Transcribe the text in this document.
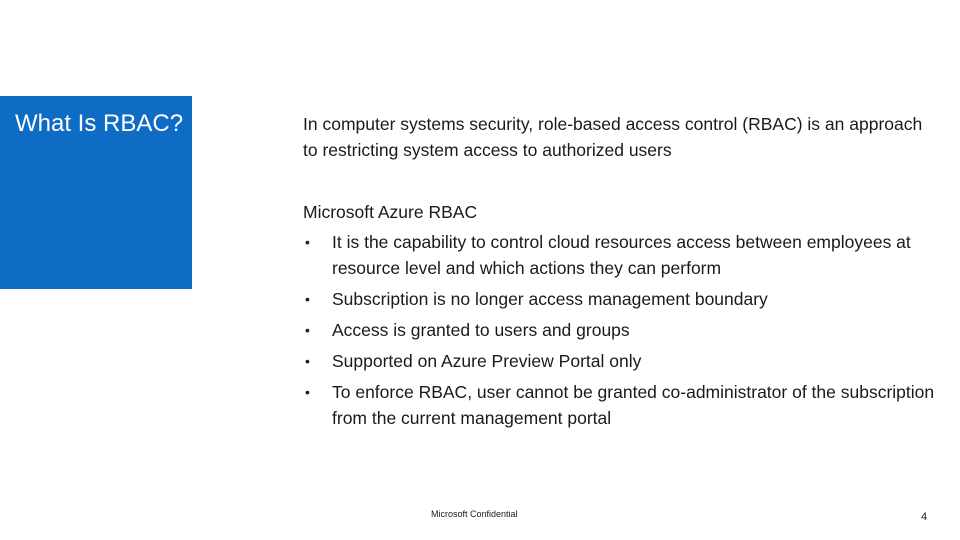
What Is RBAC?	In computer systems security, role-based access control (RBAC) is an approach to restricting system access to authorized users

Microsoft Azure RBAC

• It is the capability to control cloud resources access between employees at resource level and which actions they can perform
• Subscription is no longer access management boundary
• Access is granted to users and groups
• Supported on Azure Preview Portal only
• To enforce RBAC, user cannot be granted co-administrator of the subscription from the current management portal
Microsoft Confidential	4
